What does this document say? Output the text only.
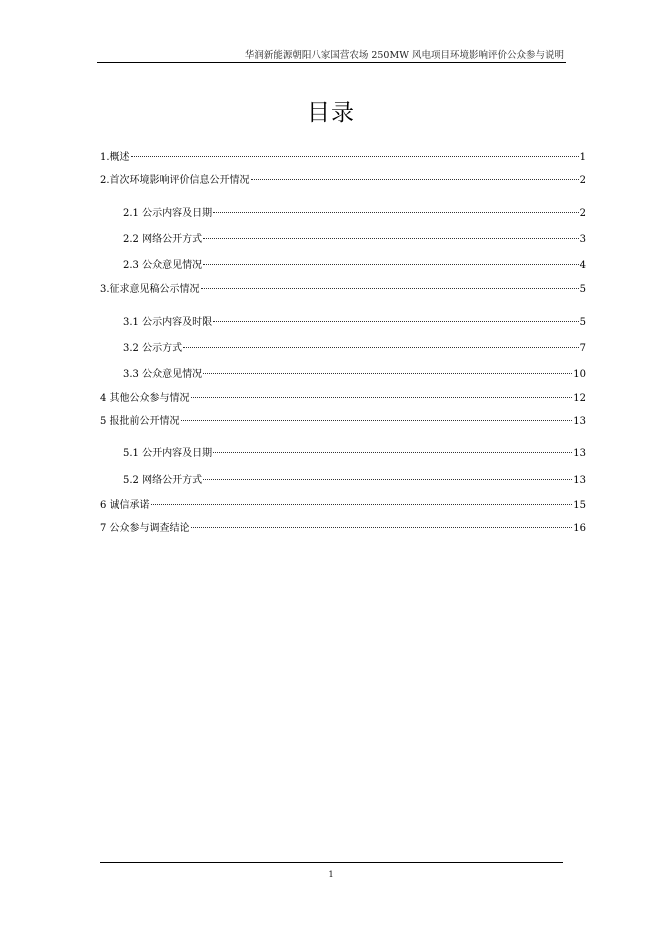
华润新能源朝阳八家国营农场 250MW 风电项目环境影响评价公众参与说明
目录
1.概述	1
2.首次环境影响评价信息公开情况	2
2.1 公示内容及日期	2
2.2 网络公开方式	3
2.3 公众意见情况	4
3.征求意见稿公示情况	5
3.1 公示内容及时限	5
3.2 公示方式	7
3.3 公众意见情况	10
4 其他公众参与情况	12
5 报批前公开情况	13
5.1 公开内容及日期	13
5.2 网络公开方式	13
6 诚信承诺	15
7 公众参与调查结论	16
1
